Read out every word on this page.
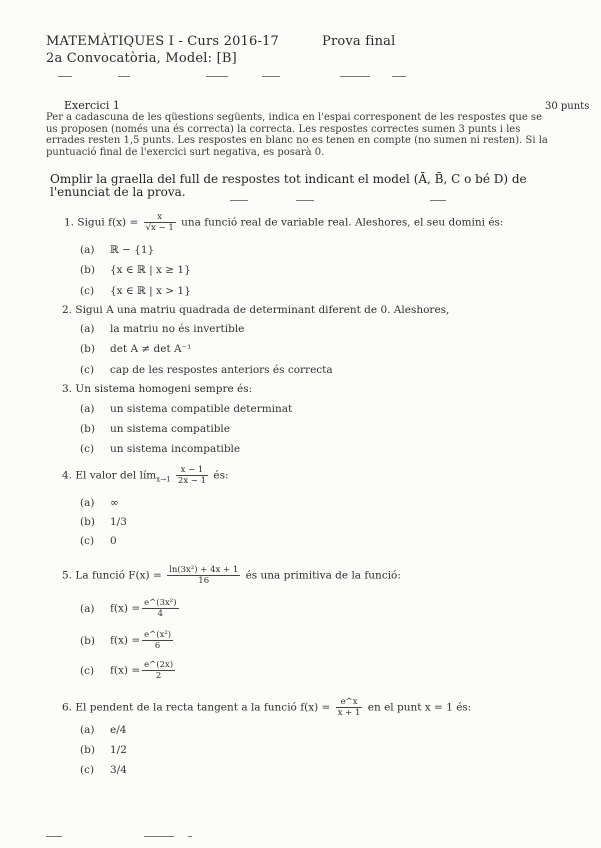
MATEMÀTIQUES I - Curs 2016-17	Prova final
2a Convocatòria, Model: [B]
Exercici 1	30 punts
Per a cadascuna de les qüestions següents, indica en l'espai corresponent de les respostes que se us proposen (només una és correcta) la correcta. Les respostes correctes sumen 3 punts i les errades resten 1,5 punts. Les respostes en blanc no es tenen en compte (no sumen ni resten). Si la puntuació final de l'exercici surt negativa, es posarà 0.
Omplir la graella del full de respostes tot indicant el model (Ā, B̄, C o bé D) de l'enunciat de la prova.
1. Sigui $f(x) = \frac{x}{√x - 1}$ una funció real de variable real. Aleshores, el seu domini és:
(a) ℝ − {1}
(b) {x ∈ ℝ | x ≥ 1}
(c) {x ∈ ℝ | x > 1}
2. Sigui A una matriu quadrada de determinant diferent de 0. Aleshores,
(a) la matriu no és invertible
(b) det A ≠ det A⁻¹
(c) cap de les respostes anteriors és correcta
3. Un sistema homogeni sempre és:
(a) un sistema compatible determinat
(b) un sistema compatible
(c) un sistema incompatible
4. El valor del lím$_{x\to 1}$ $\frac{x - 1}{2x - 1}$ és:
(a) ∞
(b) 1/3
(c) 0
5. La funció $F(x) = \frac{\text{ln(3x²) + 4x + 1}}{16}$ és una primitiva de la funció:
(a) $f(x) = \frac{\text{e\textasciicircum{}(3x²)}}{4}$
(b) $f(x) = \frac{\text{e\textasciicircum{}(x²)}}{6}$
(c) $f(x) = \frac{e\^{}(2x)}{2}$
6. El pendent de la recta tangent a la funció $f(x) = \frac{e\^{}x}{x + 1}$ en el punt x = 1 és:
(a) e/4
(b) 1/2
(c) 3/4
